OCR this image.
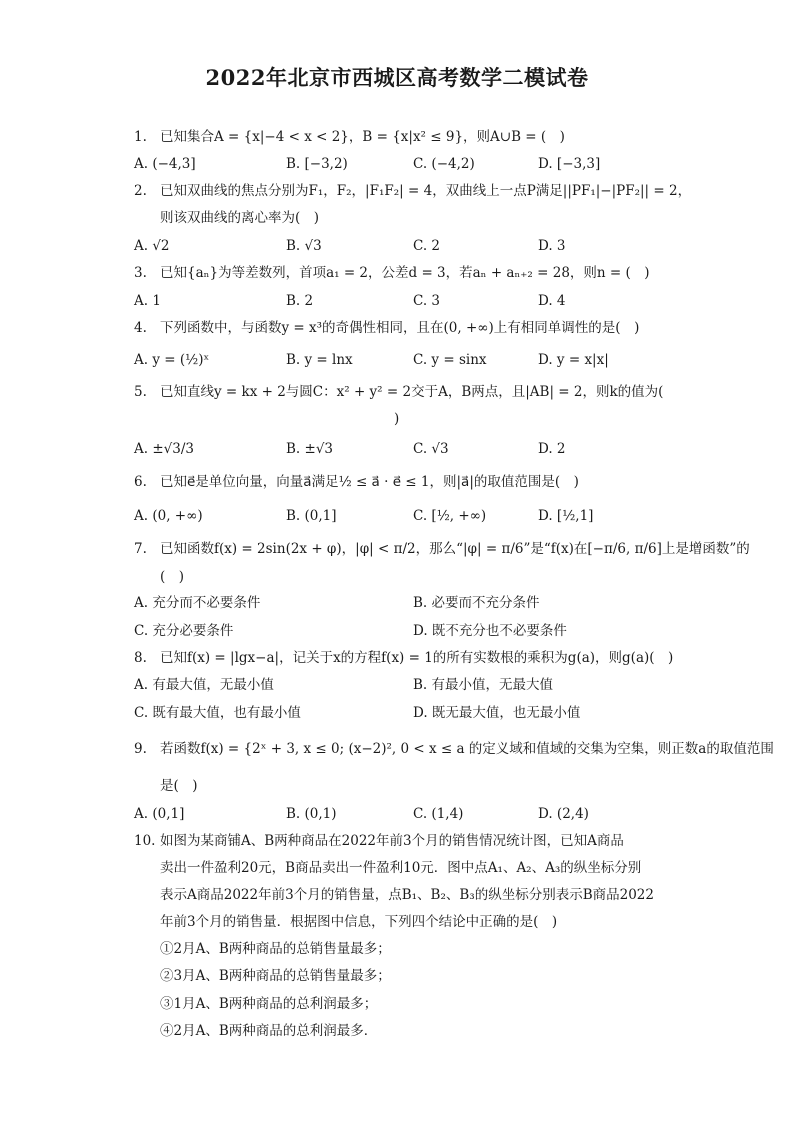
2022年北京市西城区高考数学二模试卷
1. 已知集合A = {x|−4 < x < 2}，B = {x|x² ≤ 9}，则A∪B = (　)
A. (−4,3]	B. [−3,2)	C. (−4,2)	D. [−3,3]
2. 已知双曲线的焦点分别为F₁，F₂，|F₁F₂| = 4，双曲线上一点P满足||PF₁|−|PF₂|| = 2，
则该双曲线的离心率为(　)
A. √2	B. √3	C. 2	D. 3
3. 已知{aₙ}为等差数列，首项a₁ = 2，公差d = 3，若aₙ + aₙ₊₂ = 28，则n = (　)
A. 1	B. 2	C. 3	D. 4
4. 下列函数中，与函数y = x³的奇偶性相同，且在(0, +∞)上有相同单调性的是(　)
A. y = (½)ˣ	B. y = lnx	C. y = sinx	D. y = x|x|
5. 已知直线y = kx + 2与圆C：x² + y² = 2交于A，B两点，且|AB| = 2，则k的值为(
)
A. ±√3/3	B. ±√3	C. √3	D. 2
6. 已知e⃗是单位向量，向量a⃗满足½ ≤ a⃗ · e⃗ ≤ 1，则|a⃗|的取值范围是(　)
A. (0, +∞)	B. (0,1]	C. [½, +∞)	D. [½,1]
7. 已知函数f(x) = 2sin(2x + φ)，|φ| < π/2，那么“|φ| = π/6”是“f(x)在[−π/6, π/6]上是增函数”的
(　)
A. 充分而不必要条件	B. 必要而不充分条件
C. 充分必要条件	D. 既不充分也不必要条件
8. 已知f(x) = |lgx−a|，记关于x的方程f(x) = 1的所有实数根的乘积为g(a)，则g(a)(　)
A. 有最大值，无最小值	B. 有最小值，无最大值
C. 既有最大值，也有最小值	D. 既无最大值，也无最小值
9. 若函数f(x) = {2ˣ + 3, x ≤ 0; (x−2)², 0 < x ≤ a 的定义域和值域的交集为空集，则正数a的取值范围
是(　)
A. (0,1]	B. (0,1)	C. (1,4)	D. (2,4)
10. 如图为某商铺A、B两种商品在2022年前3个月的销售情况统计图，已知A商品
卖出一件盈利20元，B商品卖出一件盈利10元．图中点A₁、A₂、A₃的纵坐标分别
表示A商品2022年前3个月的销售量，点B₁、B₂、B₃的纵坐标分别表示B商品2022
年前3个月的销售量．根据图中信息，下列四个结论中正确的是(　)
①2月A、B两种商品的总销售量最多；
②3月A、B两种商品的总销售量最多；
③1月A、B两种商品的总利润最多；
④2月A、B两种商品的总利润最多．
